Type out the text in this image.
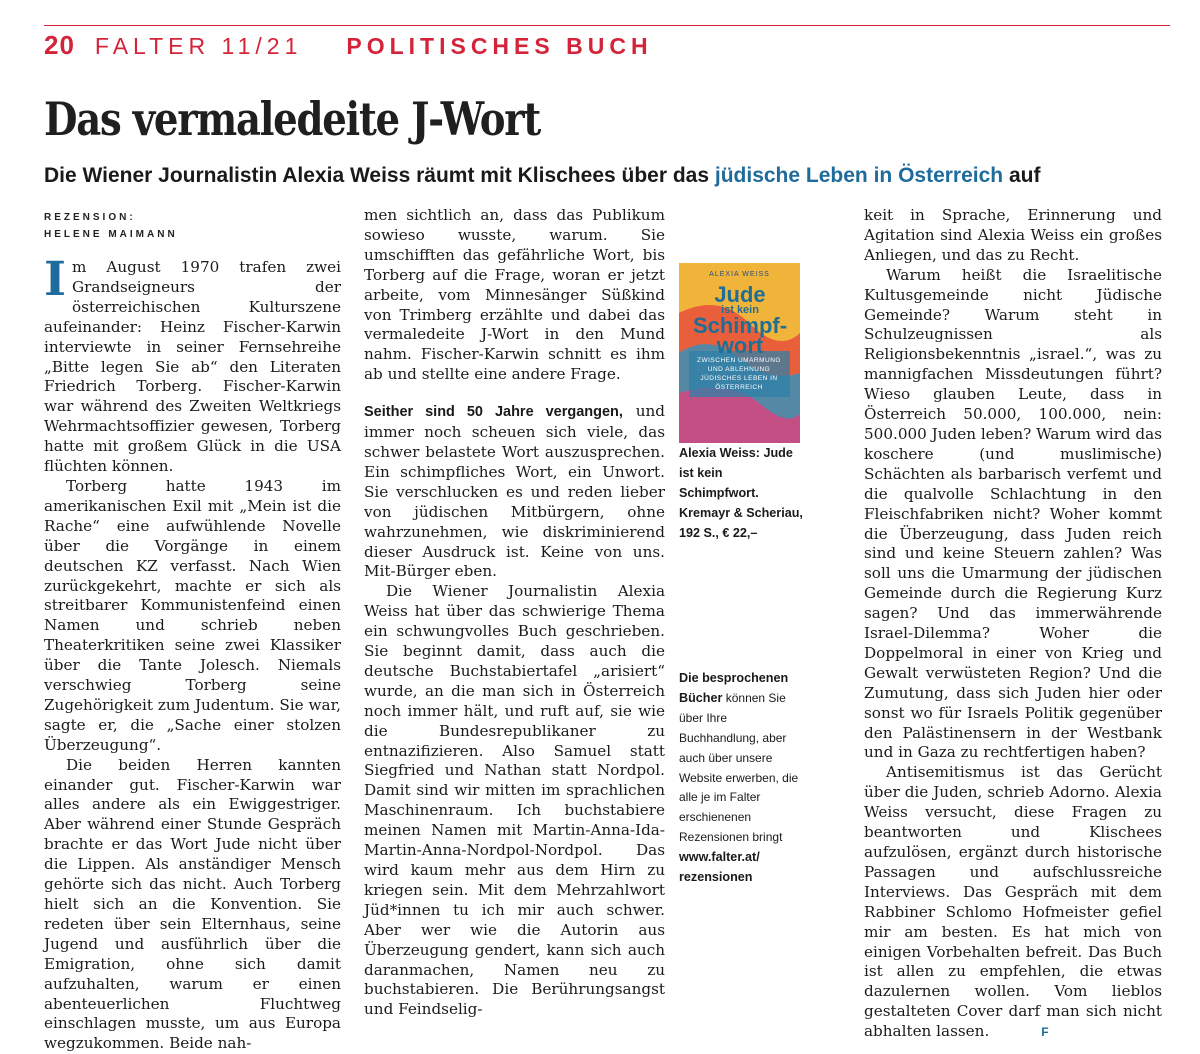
20 FALTER 11/21 POLITISCHES BUCH
Das vermaledeite J-Wort
Die Wiener Journalistin Alexia Weiss räumt mit Klischees über das jüdische Leben in Österreich auf
REZENSION:
HELENE MAIMANN

Im August 1970 trafen zwei Grandseigneurs der österreichischen Kulturszene aufeinander: Heinz Fischer-Karwin interviewte in seiner Fernsehreihe „Bitte legen Sie ab“ den Literaten Friedrich Torberg. Fischer-Karwin war während des Zweiten Weltkriegs Wehrmachtsoffizier gewesen, Torberg hatte mit großem Glück in die USA flüchten können.

Torberg hatte 1943 im amerikanischen Exil mit „Mein ist die Rache“ eine aufwühlende Novelle über die Vorgänge in einem deutschen KZ verfasst. Nach Wien zurückgekehrt, machte er sich als streitbarer Kommunistenfeind einen Namen und schrieb neben Theaterkritiken seine zwei Klassiker über die Tante Jolesch. Niemals verschwieg Torberg seine Zugehörigkeit zum Judentum. Sie war, sagte er, die „Sache einer stolzen Überzeugung“.

Die beiden Herren kannten einander gut. Fischer-Karwin war alles andere als ein Ewiggestriger. Aber während einer Stunde Gespräch brachte er das Wort Jude nicht über die Lippen. Als anständiger Mensch gehörte sich das nicht. Auch Torberg hielt sich an die Konvention. Sie redeten über sein Elternhaus, seine Jugend und ausführlich über die Emigration, ohne sich damit aufzuhalten, warum er einen abenteuerlichen Fluchtweg einschlagen musste, um aus Europa wegzukommen. Beide nah-

men sichtlich an, dass das Publikum sowieso wusste, warum. Sie umschifften das gefährliche Wort, bis Torberg auf die Frage, woran er jetzt arbeite, vom Minnesänger Süßkind von Trimberg erzählte und dabei das vermaledeite J-Wort in den Mund nahm. Fischer-Karwin schnitt es ihm ab und stellte eine andere Frage.

Seither sind 50 Jahre vergangen, und immer noch scheuen sich viele, das schwer belastete Wort auszusprechen. Ein schimpfliches Wort, ein Unwort. Sie verschlucken es und reden lieber von jüdischen Mitbürgern, ohne wahrzunehmen, wie diskriminierend dieser Ausdruck ist. Keine von uns. Mit-Bürger eben.

Die Wiener Journalistin Alexia Weiss hat über das schwierige Thema ein schwungvolles Buch geschrieben. Sie beginnt damit, dass auch die deutsche Buchstabiertafel „arisiert“ wurde, an die man sich in Österreich noch immer hält, und ruft auf, sie wie die Bundesrepublikaner zu entnazifizieren. Also Samuel statt Siegfried und Nathan statt Nordpol. Damit sind wir mitten im sprachlichen Maschinenraum. Ich buchstabiere meinen Namen mit Martin-Anna-Ida-Martin-Anna-Nordpol-Nordpol. Das wird kaum mehr aus dem Hirn zu kriegen sein. Mit dem Mehrzahlwort Jüd*innen tu ich mir auch schwer. Aber wer wie die Autorin aus Überzeugung gendert, kann sich auch daranmachen, Namen neu zu buchstabieren. Die Berührungsangst und Feindselig-

ALEXIA WEISS
Jude
ist kein
Schimpf-
wort
ZWISCHEN UMARMUNG UND ABLEHNUNG JÜDISCHES LEBEN IN ÖSTERREICH
Alexia Weiss: Jude ist kein Schimpfwort. Kremayr & Scheriau, 192 S., € 22,–
Die besprochenen Bücher können Sie über Ihre Buchhandlung, aber auch über unsere Website erwerben, die alle je im Falter erschienenen Rezensionen bringt www.falter.at/ rezensionen

keit in Sprache, Erinnerung und Agitation sind Alexia Weiss ein großes Anliegen, und das zu Recht.

Warum heißt die Israelitische Kultusgemeinde nicht Jüdische Gemeinde? Warum steht in Schulzeugnissen als Religionsbekenntnis „israel.“, was zu mannigfachen Missdeutungen führt? Wieso glauben Leute, dass in Österreich 50.000, 100.000, nein: 500.000 Juden leben? Warum wird das koschere (und muslimische) Schächten als barbarisch verfemt und die qualvolle Schlachtung in den Fleischfabriken nicht? Woher kommt die Überzeugung, dass Juden reich sind und keine Steuern zahlen? Was soll uns die Umarmung der jüdischen Gemeinde durch die Regierung Kurz sagen? Und das immerwährende Israel-Dilemma? Woher die Doppelmoral in einer von Krieg und Gewalt verwüsteten Region? Und die Zumutung, dass sich Juden hier oder sonst wo für Israels Politik gegenüber den Palästinensern in der Westbank und in Gaza zu rechtfertigen haben?

Antisemitismus ist das Gerücht über die Juden, schrieb Adorno. Alexia Weiss versucht, diese Fragen zu beantworten und Klischees aufzulösen, ergänzt durch historische Passagen und aufschlussreiche Interviews. Das Gespräch mit dem Rabbiner Schlomo Hofmeister gefiel mir am besten. Es hat mich von einigen Vorbehalten befreit. Das Buch ist allen zu empfehlen, die etwas dazulernen wollen. Vom lieblos gestalteten Cover darf man sich nicht abhalten lassen.	F
